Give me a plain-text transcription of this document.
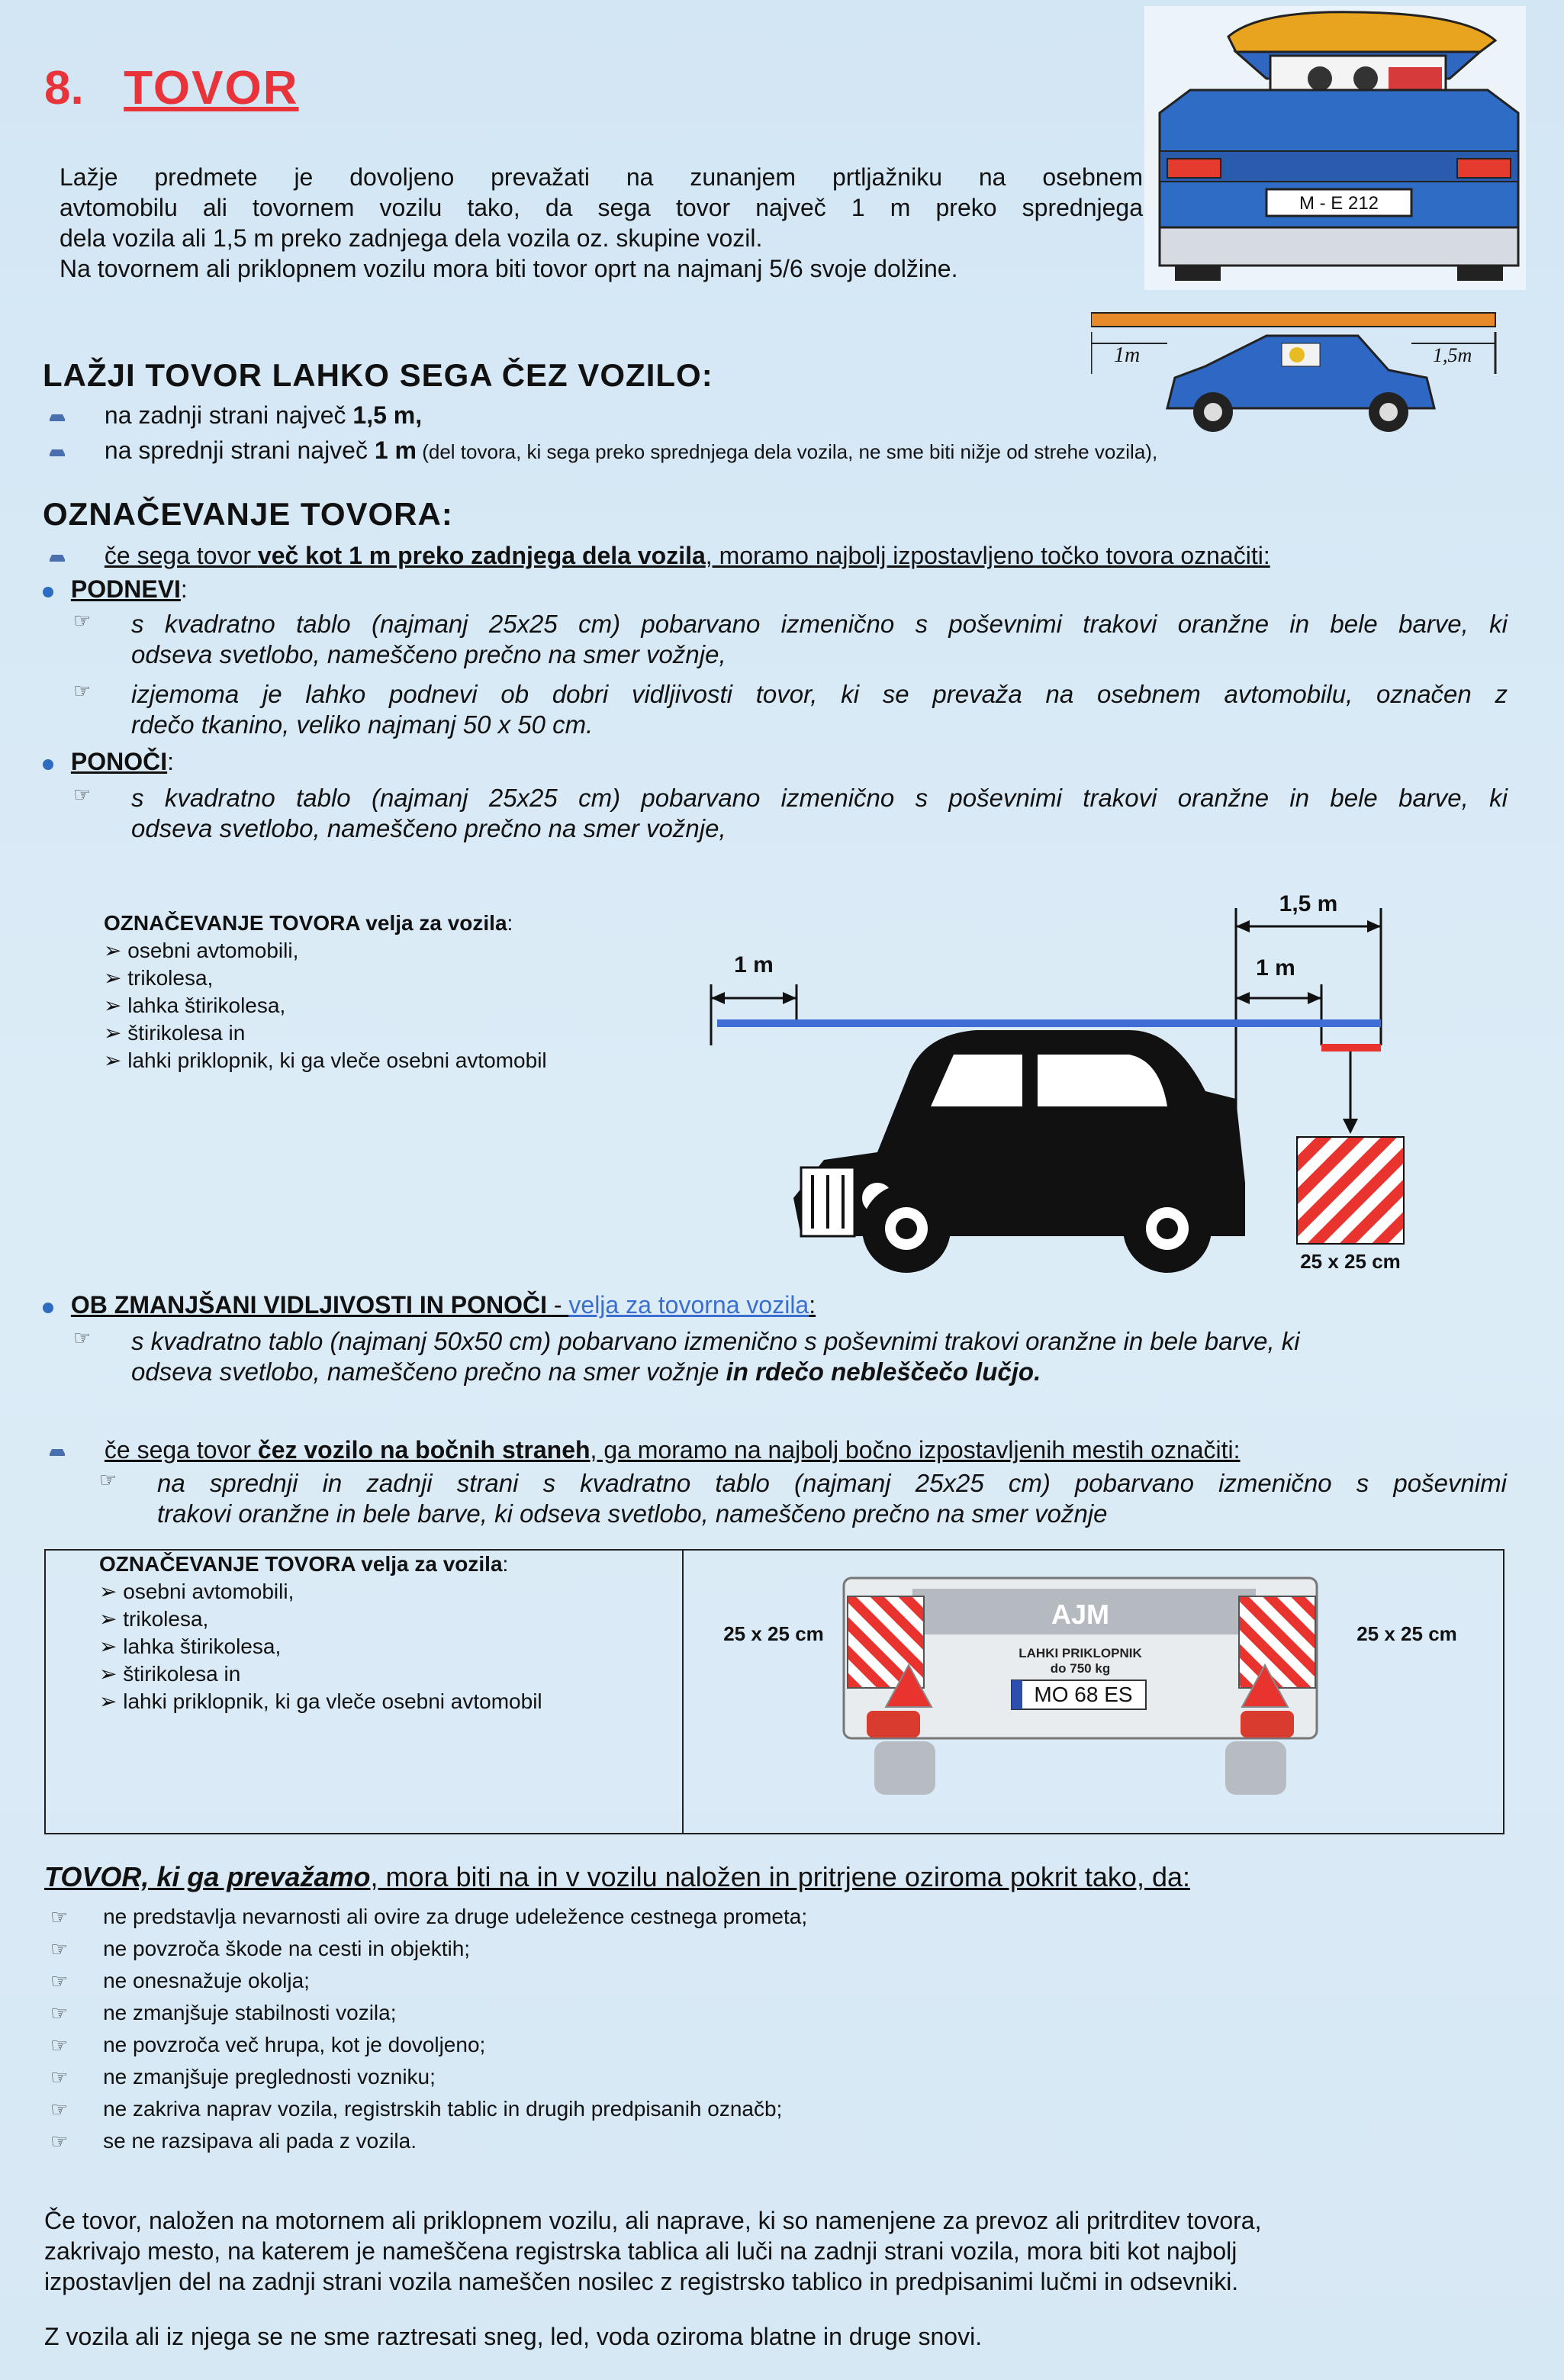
8. TOVOR
Lažje predmete je dovoljeno prevažati na zunanjem prtljažniku na osebnem
avtomobilu ali tovornem vozilu tako, da sega tovor največ 1 m preko sprednjega
dela vozila ali 1,5 m preko zadnjega dela vozila oz. skupine vozil.
Na tovornem ali priklopnem vozilu mora biti tovor oprt na najmanj 5/6 svoje dolžine.
M - E 212
1m	1,5m
LAŽJI TOVOR LAHKO SEGA ČEZ VOZILO:
na zadnji strani največ 1,5 m,
na sprednji strani največ 1 m (del tovora, ki sega preko sprednjega dela vozila, ne sme biti nižje od strehe vozila),
OZNAČEVANJE TOVORA:
če sega tovor več kot 1 m preko zadnjega dela vozila, moramo najbolj izpostavljeno točko tovora označiti:
PODNEVI:
☞ s kvadratno tablo (najmanj 25x25 cm) pobarvano izmenično s poševnimi trakovi oranžne in bele barve, ki
odseva svetlobo, nameščeno prečno na smer vožnje,
☞ izjemoma je lahko podnevi ob dobri vidljivosti tovor, ki se prevaža na osebnem avtomobilu, označen z
rdečo tkanino, veliko najmanj 50 x 50 cm.
PONOČI:
☞ s kvadratno tablo (najmanj 25x25 cm) pobarvano izmenično s poševnimi trakovi oranžne in bele barve, ki
odseva svetlobo, nameščeno prečno na smer vožnje,
OZNAČEVANJE TOVORA velja za vozila:
➢ osebni avtomobili,
➢ trikolesa,
➢ lahka štirikolesa,
➢ štirikolesa in
➢ lahki priklopnik, ki ga vleče osebni avtomobil
1 m
1,5 m
1 m
25 x 25 cm
OB ZMANJŠANI VIDLJIVOSTI IN PONOČI - velja za tovorna vozila:
☞ s kvadratno tablo (najmanj 50x50 cm) pobarvano izmenično s poševnimi trakovi oranžne in bele barve, ki
odseva svetlobo, nameščeno prečno na smer vožnje in rdečo nebleščečo lučjo.
če sega tovor čez vozilo na bočnih straneh, ga moramo na najbolj bočno izpostavljenih mestih označiti:
☞ na sprednji in zadnji strani s kvadratno tablo (najmanj 25x25 cm) pobarvano izmenično s poševnimi
trakovi oranžne in bele barve, ki odseva svetlobo, nameščeno prečno na smer vožnje
OZNAČEVANJE TOVORA velja za vozila:
➢ osebni avtomobili,
➢ trikolesa,
➢ lahka štirikolesa,
➢ štirikolesa in
➢ lahki priklopnik, ki ga vleče osebni avtomobil
25 x 25 cm	25 x 25 cm
AJM
LAHKI PRIKLOPNIK
do 750 kg
MO 68 ES
TOVOR, ki ga prevažamo, mora biti na in v vozilu naložen in pritrjene oziroma pokrit tako, da:
☞ ne predstavlja nevarnosti ali ovire za druge udeležence cestnega prometa;
☞ ne povzroča škode na cesti in objektih;
☞ ne onesnažuje okolja;
☞ ne zmanjšuje stabilnosti vozila;
☞ ne povzroča več hrupa, kot je dovoljeno;
☞ ne zmanjšuje preglednosti vozniku;
☞ ne zakriva naprav vozila, registrskih tablic in drugih predpisanih označb;
☞ se ne razsipava ali pada z vozila.
Če tovor, naložen na motornem ali priklopnem vozilu, ali naprave, ki so namenjene za prevoz ali pritrditev tovora,
zakrivajo mesto, na katerem je nameščena registrska tablica ali luči na zadnji strani vozila, mora biti kot najbolj
izpostavljen del na zadnji strani vozila nameščen nosilec z registrsko tablico in predpisanimi lučmi in odsevniki.
Z vozila ali iz njega se ne sme raztresati sneg, led, voda oziroma blatne in druge snovi.
